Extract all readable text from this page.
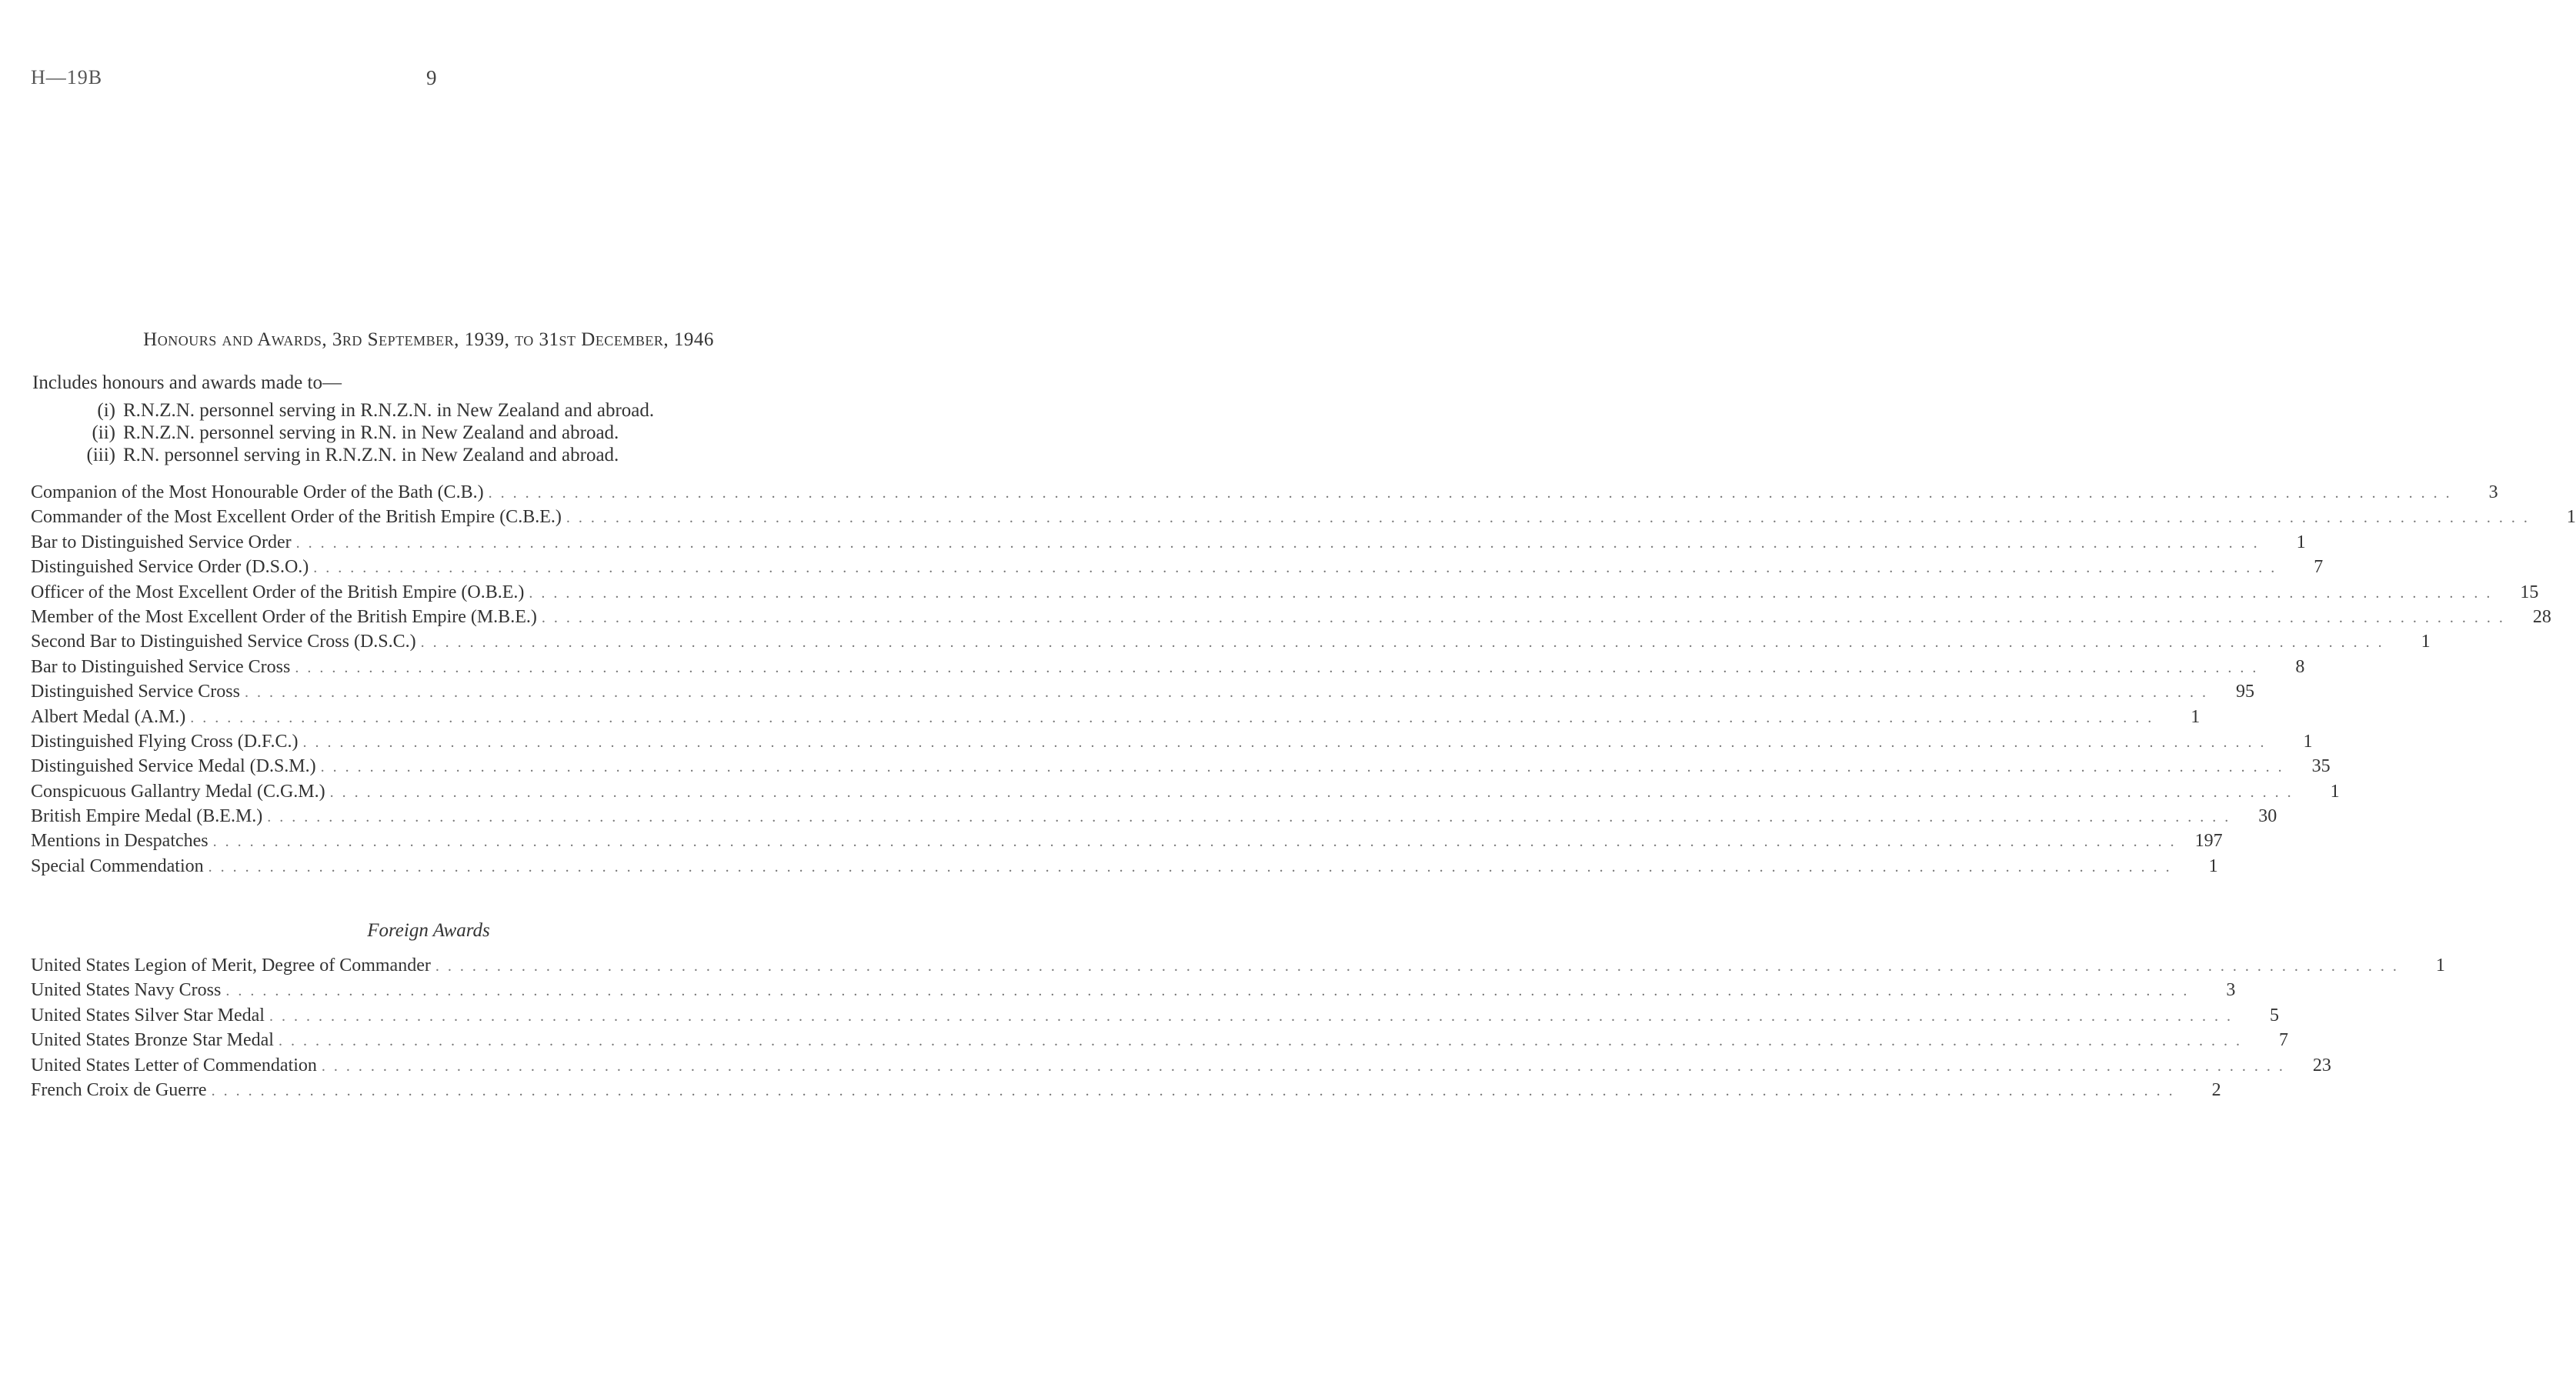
H—19B	9
Honours and Awards, 3rd September, 1939, to 31st December, 1946
Includes honours and awards made to—
(i) R.N.Z.N. personnel serving in R.N.Z.N. in New Zealand and abroad.
(ii) R.N.Z.N. personnel serving in R.N. in New Zealand and abroad.
(iii) R.N. personnel serving in R.N.Z.N. in New Zealand and abroad.
Companion of the Most Honourable Order of the Bath (C.B.) . . . . . . . . . . . . . . . . . . . . . . . . . . . . . . . . . . . . . . . . . . . . . . . . . . . . . . . . . . . . . . . . . . . . . . . . . . . . . . . . . . . . . . . . . . . . . . . . . . . . . . . . . . . . . . . . . . . . . . . . . . . . . . . . . . . . . . . . . . . . . . . . . . . . . . . . . . . . . . . .	3
Commander of the Most Excellent Order of the British Empire (C.B.E.) . . . . . . . . . . . . . . . . . . . . . . . . . . . . . . . . . . . . . . . . . . . . . . . . . . . . . . . . . . . . . . . . . . . . . . . . . . . . . . . . . . . . . . . . . . . . . . . . . . . . . . . . . . . . . . . . . . . . . . . . . . . . . . . . . . . . . . . . . . . . . . . . . . . . . . . . . . . . . . . .	1
Bar to Distinguished Service Order . . . . . . . . . . . . . . . . . . . . . . . . . . . . . . . . . . . . . . . . . . . . . . . . . . . . . . . . . . . . . . . . . . . . . . . . . . . . . . . . . . . . . . . . . . . . . . . . . . . . . . . . . . . . . . . . . . . . . . . . . . . . . . . . . . . . . . . . . . . . . . . . . . . . . . . . . . . . . . . .	1
Distinguished Service Order (D.S.O.) . . . . . . . . . . . . . . . . . . . . . . . . . . . . . . . . . . . . . . . . . . . . . . . . . . . . . . . . . . . . . . . . . . . . . . . . . . . . . . . . . . . . . . . . . . . . . . . . . . . . . . . . . . . . . . . . . . . . . . . . . . . . . . . . . . . . . . . . . . . . . . . . . . . . . . . . . . . . . . . .	7
Officer of the Most Excellent Order of the British Empire (O.B.E.) . . . . . . . . . . . . . . . . . . . . . . . . . . . . . . . . . . . . . . . . . . . . . . . . . . . . . . . . . . . . . . . . . . . . . . . . . . . . . . . . . . . . . . . . . . . . . . . . . . . . . . . . . . . . . . . . . . . . . . . . . . . . . . . . . . . . . . . . . . . . . . . . . . . . . . . . . . . . . . . .	15
Member of the Most Excellent Order of the British Empire (M.B.E.) . . . . . . . . . . . . . . . . . . . . . . . . . . . . . . . . . . . . . . . . . . . . . . . . . . . . . . . . . . . . . . . . . . . . . . . . . . . . . . . . . . . . . . . . . . . . . . . . . . . . . . . . . . . . . . . . . . . . . . . . . . . . . . . . . . . . . . . . . . . . . . . . . . . . . . . . . . . . . . . .	28
Second Bar to Distinguished Service Cross (D.S.C.) . . . . . . . . . . . . . . . . . . . . . . . . . . . . . . . . . . . . . . . . . . . . . . . . . . . . . . . . . . . . . . . . . . . . . . . . . . . . . . . . . . . . . . . . . . . . . . . . . . . . . . . . . . . . . . . . . . . . . . . . . . . . . . . . . . . . . . . . . . . . . . . . . . . . . . . . . . . . . . . .	1
Bar to Distinguished Service Cross . . . . . . . . . . . . . . . . . . . . . . . . . . . . . . . . . . . . . . . . . . . . . . . . . . . . . . . . . . . . . . . . . . . . . . . . . . . . . . . . . . . . . . . . . . . . . . . . . . . . . . . . . . . . . . . . . . . . . . . . . . . . . . . . . . . . . . . . . . . . . . . . . . . . . . . . . . . . . . . .	8
Distinguished Service Cross . . . . . . . . . . . . . . . . . . . . . . . . . . . . . . . . . . . . . . . . . . . . . . . . . . . . . . . . . . . . . . . . . . . . . . . . . . . . . . . . . . . . . . . . . . . . . . . . . . . . . . . . . . . . . . . . . . . . . . . . . . . . . . . . . . . . . . . . . . . . . . . . . . . . . . . . . . . . . . . .	95
Albert Medal (A.M.) . . . . . . . . . . . . . . . . . . . . . . . . . . . . . . . . . . . . . . . . . . . . . . . . . . . . . . . . . . . . . . . . . . . . . . . . . . . . . . . . . . . . . . . . . . . . . . . . . . . . . . . . . . . . . . . . . . . . . . . . . . . . . . . . . . . . . . . . . . . . . . . . . . . . . . . . . . . . . . . .	1
Distinguished Flying Cross (D.F.C.) . . . . . . . . . . . . . . . . . . . . . . . . . . . . . . . . . . . . . . . . . . . . . . . . . . . . . . . . . . . . . . . . . . . . . . . . . . . . . . . . . . . . . . . . . . . . . . . . . . . . . . . . . . . . . . . . . . . . . . . . . . . . . . . . . . . . . . . . . . . . . . . . . . . . . . . . . . . . . . . .	1
Distinguished Service Medal (D.S.M.) . . . . . . . . . . . . . . . . . . . . . . . . . . . . . . . . . . . . . . . . . . . . . . . . . . . . . . . . . . . . . . . . . . . . . . . . . . . . . . . . . . . . . . . . . . . . . . . . . . . . . . . . . . . . . . . . . . . . . . . . . . . . . . . . . . . . . . . . . . . . . . . . . . . . . . . . . . . . . . . .	35
Conspicuous Gallantry Medal (C.G.M.) . . . . . . . . . . . . . . . . . . . . . . . . . . . . . . . . . . . . . . . . . . . . . . . . . . . . . . . . . . . . . . . . . . . . . . . . . . . . . . . . . . . . . . . . . . . . . . . . . . . . . . . . . . . . . . . . . . . . . . . . . . . . . . . . . . . . . . . . . . . . . . . . . . . . . . . . . . . . . . . .	1
British Empire Medal (B.E.M.) . . . . . . . . . . . . . . . . . . . . . . . . . . . . . . . . . . . . . . . . . . . . . . . . . . . . . . . . . . . . . . . . . . . . . . . . . . . . . . . . . . . . . . . . . . . . . . . . . . . . . . . . . . . . . . . . . . . . . . . . . . . . . . . . . . . . . . . . . . . . . . . . . . . . . . . . . . . . . . . .	30
Mentions in Despatches . . . . . . . . . . . . . . . . . . . . . . . . . . . . . . . . . . . . . . . . . . . . . . . . . . . . . . . . . . . . . . . . . . . . . . . . . . . . . . . . . . . . . . . . . . . . . . . . . . . . . . . . . . . . . . . . . . . . . . . . . . . . . . . . . . . . . . . . . . . . . . . . . . . . . . . . . . . . . . . .	197
Special Commendation . . . . . . . . . . . . . . . . . . . . . . . . . . . . . . . . . . . . . . . . . . . . . . . . . . . . . . . . . . . . . . . . . . . . . . . . . . . . . . . . . . . . . . . . . . . . . . . . . . . . . . . . . . . . . . . . . . . . . . . . . . . . . . . . . . . . . . . . . . . . . . . . . . . . . . . . . . . . . . . .	1
Foreign Awards
United States Legion of Merit, Degree of Commander . . . . . . . . . . . . . . . . . . . . . . . . . . . . . . . . . . . . . . . . . . . . . . . . . . . . . . . . . . . . . . . . . . . . . . . . . . . . . . . . . . . . . . . . . . . . . . . . . . . . . . . . . . . . . . . . . . . . . . . . . . . . . . . . . . . . . . . . . . . . . . . . . . . . . . . . . . . . . . . .	1
United States Navy Cross . . . . . . . . . . . . . . . . . . . . . . . . . . . . . . . . . . . . . . . . . . . . . . . . . . . . . . . . . . . . . . . . . . . . . . . . . . . . . . . . . . . . . . . . . . . . . . . . . . . . . . . . . . . . . . . . . . . . . . . . . . . . . . . . . . . . . . . . . . . . . . . . . . . . . . . . . . . . . . . .	3
United States Silver Star Medal . . . . . . . . . . . . . . . . . . . . . . . . . . . . . . . . . . . . . . . . . . . . . . . . . . . . . . . . . . . . . . . . . . . . . . . . . . . . . . . . . . . . . . . . . . . . . . . . . . . . . . . . . . . . . . . . . . . . . . . . . . . . . . . . . . . . . . . . . . . . . . . . . . . . . . . . . . . . . . . .	5
United States Bronze Star Medal . . . . . . . . . . . . . . . . . . . . . . . . . . . . . . . . . . . . . . . . . . . . . . . . . . . . . . . . . . . . . . . . . . . . . . . . . . . . . . . . . . . . . . . . . . . . . . . . . . . . . . . . . . . . . . . . . . . . . . . . . . . . . . . . . . . . . . . . . . . . . . . . . . . . . . . . . . . . . . . .	7
United States Letter of Commendation . . . . . . . . . . . . . . . . . . . . . . . . . . . . . . . . . . . . . . . . . . . . . . . . . . . . . . . . . . . . . . . . . . . . . . . . . . . . . . . . . . . . . . . . . . . . . . . . . . . . . . . . . . . . . . . . . . . . . . . . . . . . . . . . . . . . . . . . . . . . . . . . . . . . . . . . . . . . . . . .	23
French Croix de Guerre . . . . . . . . . . . . . . . . . . . . . . . . . . . . . . . . . . . . . . . . . . . . . . . . . . . . . . . . . . . . . . . . . . . . . . . . . . . . . . . . . . . . . . . . . . . . . . . . . . . . . . . . . . . . . . . . . . . . . . . . . . . . . . . . . . . . . . . . . . . . . . . . . . . . . . . . . . . . . . . .	2
